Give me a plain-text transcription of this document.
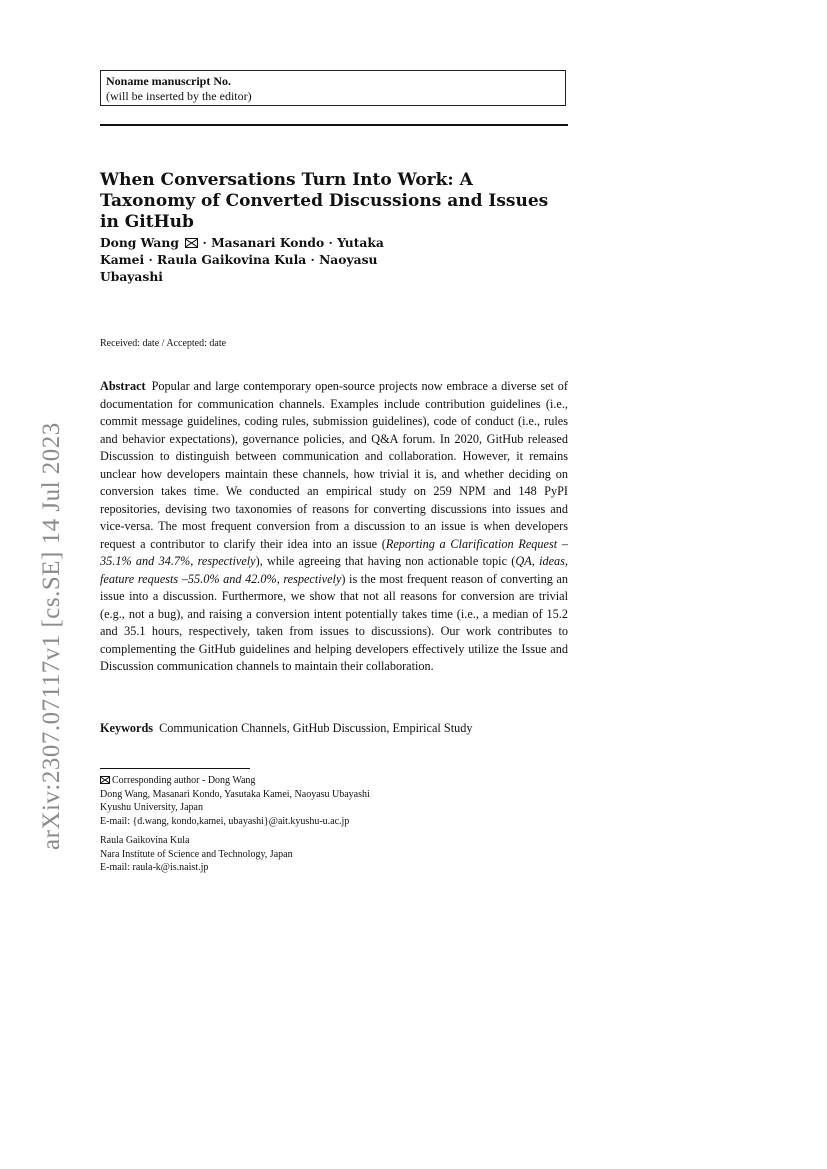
arXiv:2307.07117v1 [cs.SE] 14 Jul 2023
Noname manuscript No.
(will be inserted by the editor)
When Conversations Turn Into Work: A Taxonomy of Converted Discussions and Issues in GitHub
Dong Wang · Masanari Kondo · Yutaka Kamei · Raula Gaikovina Kula · Naoyasu Ubayashi
Received: date / Accepted: date
Abstract Popular and large contemporary open-source projects now embrace a diverse set of documentation for communication channels. Examples include contribution guidelines (i.e., commit message guidelines, coding rules, submission guidelines), code of conduct (i.e., rules and behavior expectations), governance policies, and Q&A forum. In 2020, GitHub released Discussion to distinguish between communication and collaboration. However, it remains unclear how developers maintain these channels, how trivial it is, and whether deciding on conversion takes time. We conducted an empirical study on 259 NPM and 148 PyPI repositories, devising two taxonomies of reasons for converting discussions into issues and vice-versa. The most frequent conversion from a discussion to an issue is when developers request a contributor to clarify their idea into an issue (Reporting a Clarification Request –35.1% and 34.7%, respectively), while agreeing that having non actionable topic (QA, ideas, feature requests –55.0% and 42.0%, respectively) is the most frequent reason of converting an issue into a discussion. Furthermore, we show that not all reasons for conversion are trivial (e.g., not a bug), and raising a conversion intent potentially takes time (i.e., a median of 15.2 and 35.1 hours, respectively, taken from issues to discussions). Our work contributes to complementing the GitHub guidelines and helping developers effectively utilize the Issue and Discussion communication channels to maintain their collaboration.
Keywords Communication Channels, GitHub Discussion, Empirical Study

Corresponding author - Dong Wang

Dong Wang, Masanari Kondo, Yasutaka Kamei, Naoyasu Ubayashi

Kyushu University, Japan

E-mail: {d.wang, kondo,kamei, ubayashi}@ait.kyushu-u.ac.jp

Raula Gaikovina Kula

Nara Institute of Science and Technology, Japan

E-mail: raula-k@is.naist.jp
